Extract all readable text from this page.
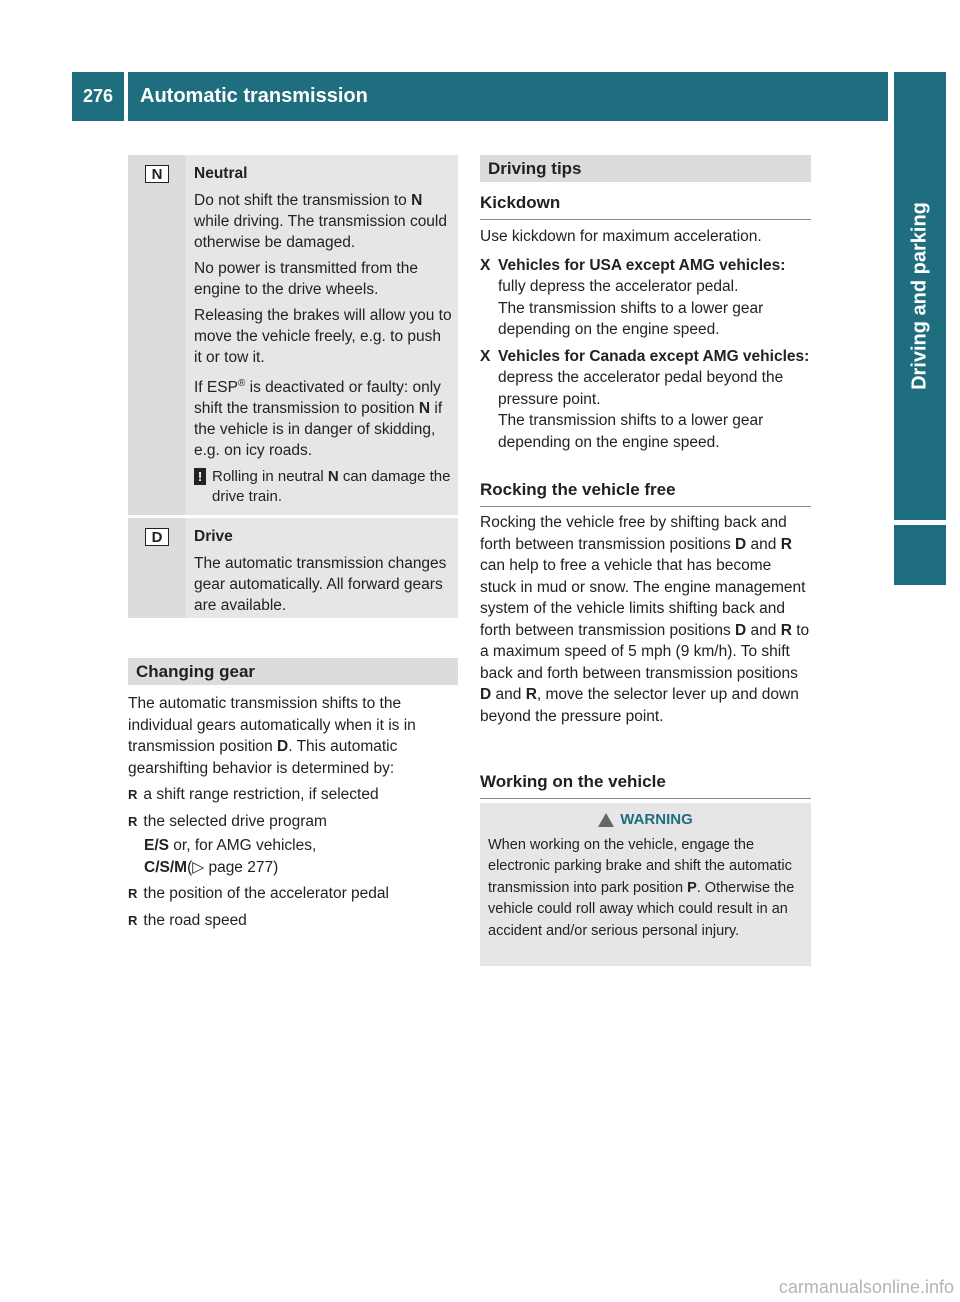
276	Automatic transmission
Driving and parking
N	Neutral

Do not shift the transmission to N while driving. The transmission could otherwise be damaged.

No power is transmitted from the engine to the drive wheels.

Releasing the brakes will allow you to move the vehicle freely, e.g. to push it or tow it.

If ESP® is deactivated or faulty: only shift the transmission to position N if the vehicle is in danger of skidding, e.g. on icy roads.

! Rolling in neutral N can damage the drive train.
D	Drive

The automatic transmission changes gear automatically. All forward gears are available.

Changing gear

The automatic transmission shifts to the individual gears automatically when it is in transmission position D. This automatic gearshifting behavior is determined by:

R a shift range restriction, if selected
R the selected drive program
E/S or, for AMG vehicles,
C/S/M(▷ page 277)
R the position of the accelerator pedal
R the road speed
Driving tips
Kickdown

Use kickdown for maximum acceleration.

X Vehicles for USA except AMG vehicles: fully depress the accelerator pedal.
The transmission shifts to a lower gear depending on the engine speed.
X Vehicles for Canada except AMG vehicles: depress the accelerator pedal beyond the pressure point.
The transmission shifts to a lower gear depending on the engine speed.
Rocking the vehicle free

Rocking the vehicle free by shifting back and forth between transmission positions D and R can help to free a vehicle that has become stuck in mud or snow. The engine management system of the vehicle limits shifting back and forth between transmission positions D and R to a maximum speed of 5 mph (9 km/h). To shift back and forth between transmission positions D and R, move the selector lever up and down beyond the pressure point.

Working on the vehicle
WARNING
When working on the vehicle, engage the electronic parking brake and shift the automatic transmission into park position P. Otherwise the vehicle could roll away which could result in an accident and/or serious personal injury.
carmanualsonline.info
